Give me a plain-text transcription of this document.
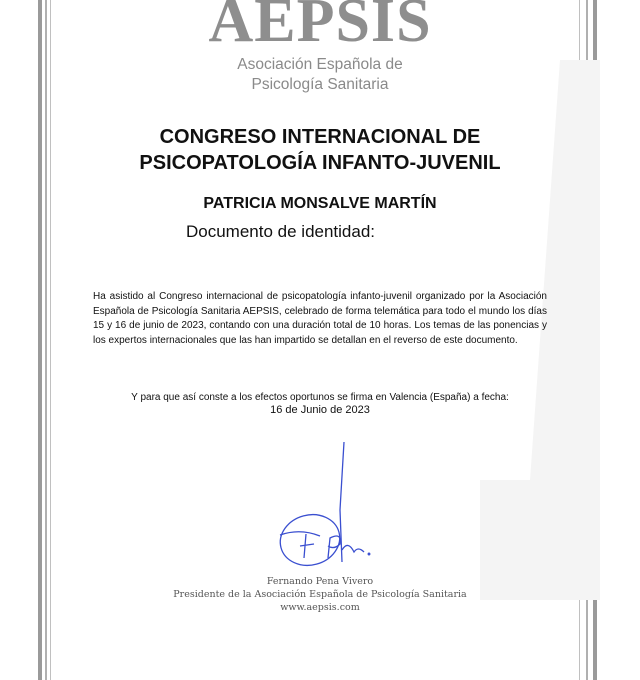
AEPSIS
Asociación Española de
Psicología Sanitaria
CONGRESO INTERNACIONAL DE
PSICOPATOLOGÍA INFANTO-JUVENIL
PATRICIA MONSALVE MARTÍN
Documento de identidad:
Ha asistido al Congreso internacional de psicopatología infanto-juvenil organizado por la Asociación Española de Psicología Sanitaria AEPSIS, celebrado de forma telemática para todo el mundo los días 15 y 16 de junio de 2023, contando con una duración total de 10 horas. Los temas de las ponencias y los expertos internacionales que las han impartido se detallan en el reverso de este documento.
Y para que así conste a los efectos oportunos se firma en Valencia (España) a fecha:
16 de Junio de 2023
Fernando Pena Vivero
Presidente de la Asociación Española de Psicología Sanitaria
www.aepsis.com
